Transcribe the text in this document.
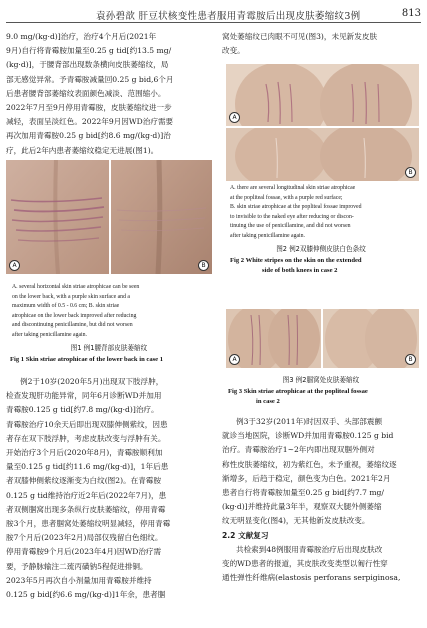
袁孙碧歆 肝豆状核变性患者服用青霉胺后出现皮肤萎缩纹3例	813

9.0 mg/(kg·d)]治疗，治疗4个月后(2021年
9月)自行将青霉胺加量至0.25 g tid[约13.5 mg/
(kg·d)]，于腰背部出现数条横向皮肤萎缩纹，局
部无感觉异常。予青霉胺减量回0.25 g bid,6个月
后患者腰背部萎缩纹表面颜色减淡、范围缩小。
2022年7月至9月停用青霉胺，皮肤萎缩纹进一步
减轻，表面呈淡红色。2022年9月因WD治疗需要
再次加用青霉胺0.25 g bid[约8.6 mg/(kg·d)]治
疗，此后2年内患者萎缩纹稳定无进展(图1)。

A	B
A. several horizontal skin striae atrophicae can be seen
on the lower back, with a purple skin surface and a
maximum width of 0.5 - 0.6 cm; B. skin striae
atrophicae on the lower back improved after reducing
and discontinuing penicillamine, but did not worsen
after taking penicillamine again.
图1 例1腰背部皮肤萎缩纹
Fig 1 Skin striae atrophicae of the lower back in case 1
例2于10岁(2020年5月)出现双下肢浮肿，
检查发现肝功能异常，同年6月诊断WD并加用
青霉胺0.125 g tid[约7.8 mg/(kg·d)]治疗。
青霉胺治疗10余天后即出现双膝伸侧紫纹，因患
者存在双下肢浮肿，考虑皮肤改变与浮肿有关。
开始治疗3个月后(2020年8月)，青霉胺顺利加
量至0.125 g tid[约11.6 mg/(kg·d)]，1年后患
者双膝伸侧紫纹逐渐变为白纹(图2)。在青霉胺
0.125 g tid维持治疗近2年后(2022年7月)，患
者双侧腘窝出现多条纵行皮肤萎缩纹，停用青霉
胺3个月，患者腘窝处萎缩纹明显减轻，停用青霉
胺7个月后(2023年2月)局部仅残留白色细纹。
停用青霉胺9个月后(2023年4月)因WD治疗需
要，予静脉输注二巯丙磺钠5程促进排铜。
2023年5月再次自小剂量加用青霉胺并维持
0.125 g bid[约6.6 mg/(kg·d)]1年余，患者腘
窝处萎缩纹已肉眼不可见(图3)，未见新发皮肤
改变。
A
B
A. there are several longitudinal skin striae atrophicae
at the popliteal fossae, with a purple red surface;
B. skin striae atrophicae at the popliteal fossae improved
to invisible to the naked eye after reducing or discon-
tinuing the use of penicillamine, and did not worsen
after taking penicillamine again.
图2 例2双膝伸侧皮肤白色条纹
Fig 2 White stripes on the skin on the extended
side of both knees in case 2
A	B
图3 例2腘窝处皮肤萎缩纹
Fig 3 Skin striae atrophicae at the popliteal fossae
in case 2
例3于32岁(2011年)时因双手、头部部震颤
就诊当地医院，诊断WD并加用青霉胺0.125 g bid
治疗。青霉胺治疗1~2年内即出现双腘外侧对
称性皮肤萎缩纹，初为紫红色，未予重视，萎缩纹逐
渐增多，后趋于稳定，颜色变为白色。2021年2月
患者自行将青霉胺加量至0.25 g bid[约7.7 mg/
(kg·d)]并维持此量3年半，观察双大腿外侧萎缩
纹无明显变化(图4)，无其他新发皮肤改变。
2.2 文献复习
共检索到48例服用青霉胺治疗后出现皮肤改
变的WD患者的报道，其皮肤改变类型以匍行性穿
通性弹性纤维病(elastosis perforans serpiginosa,
